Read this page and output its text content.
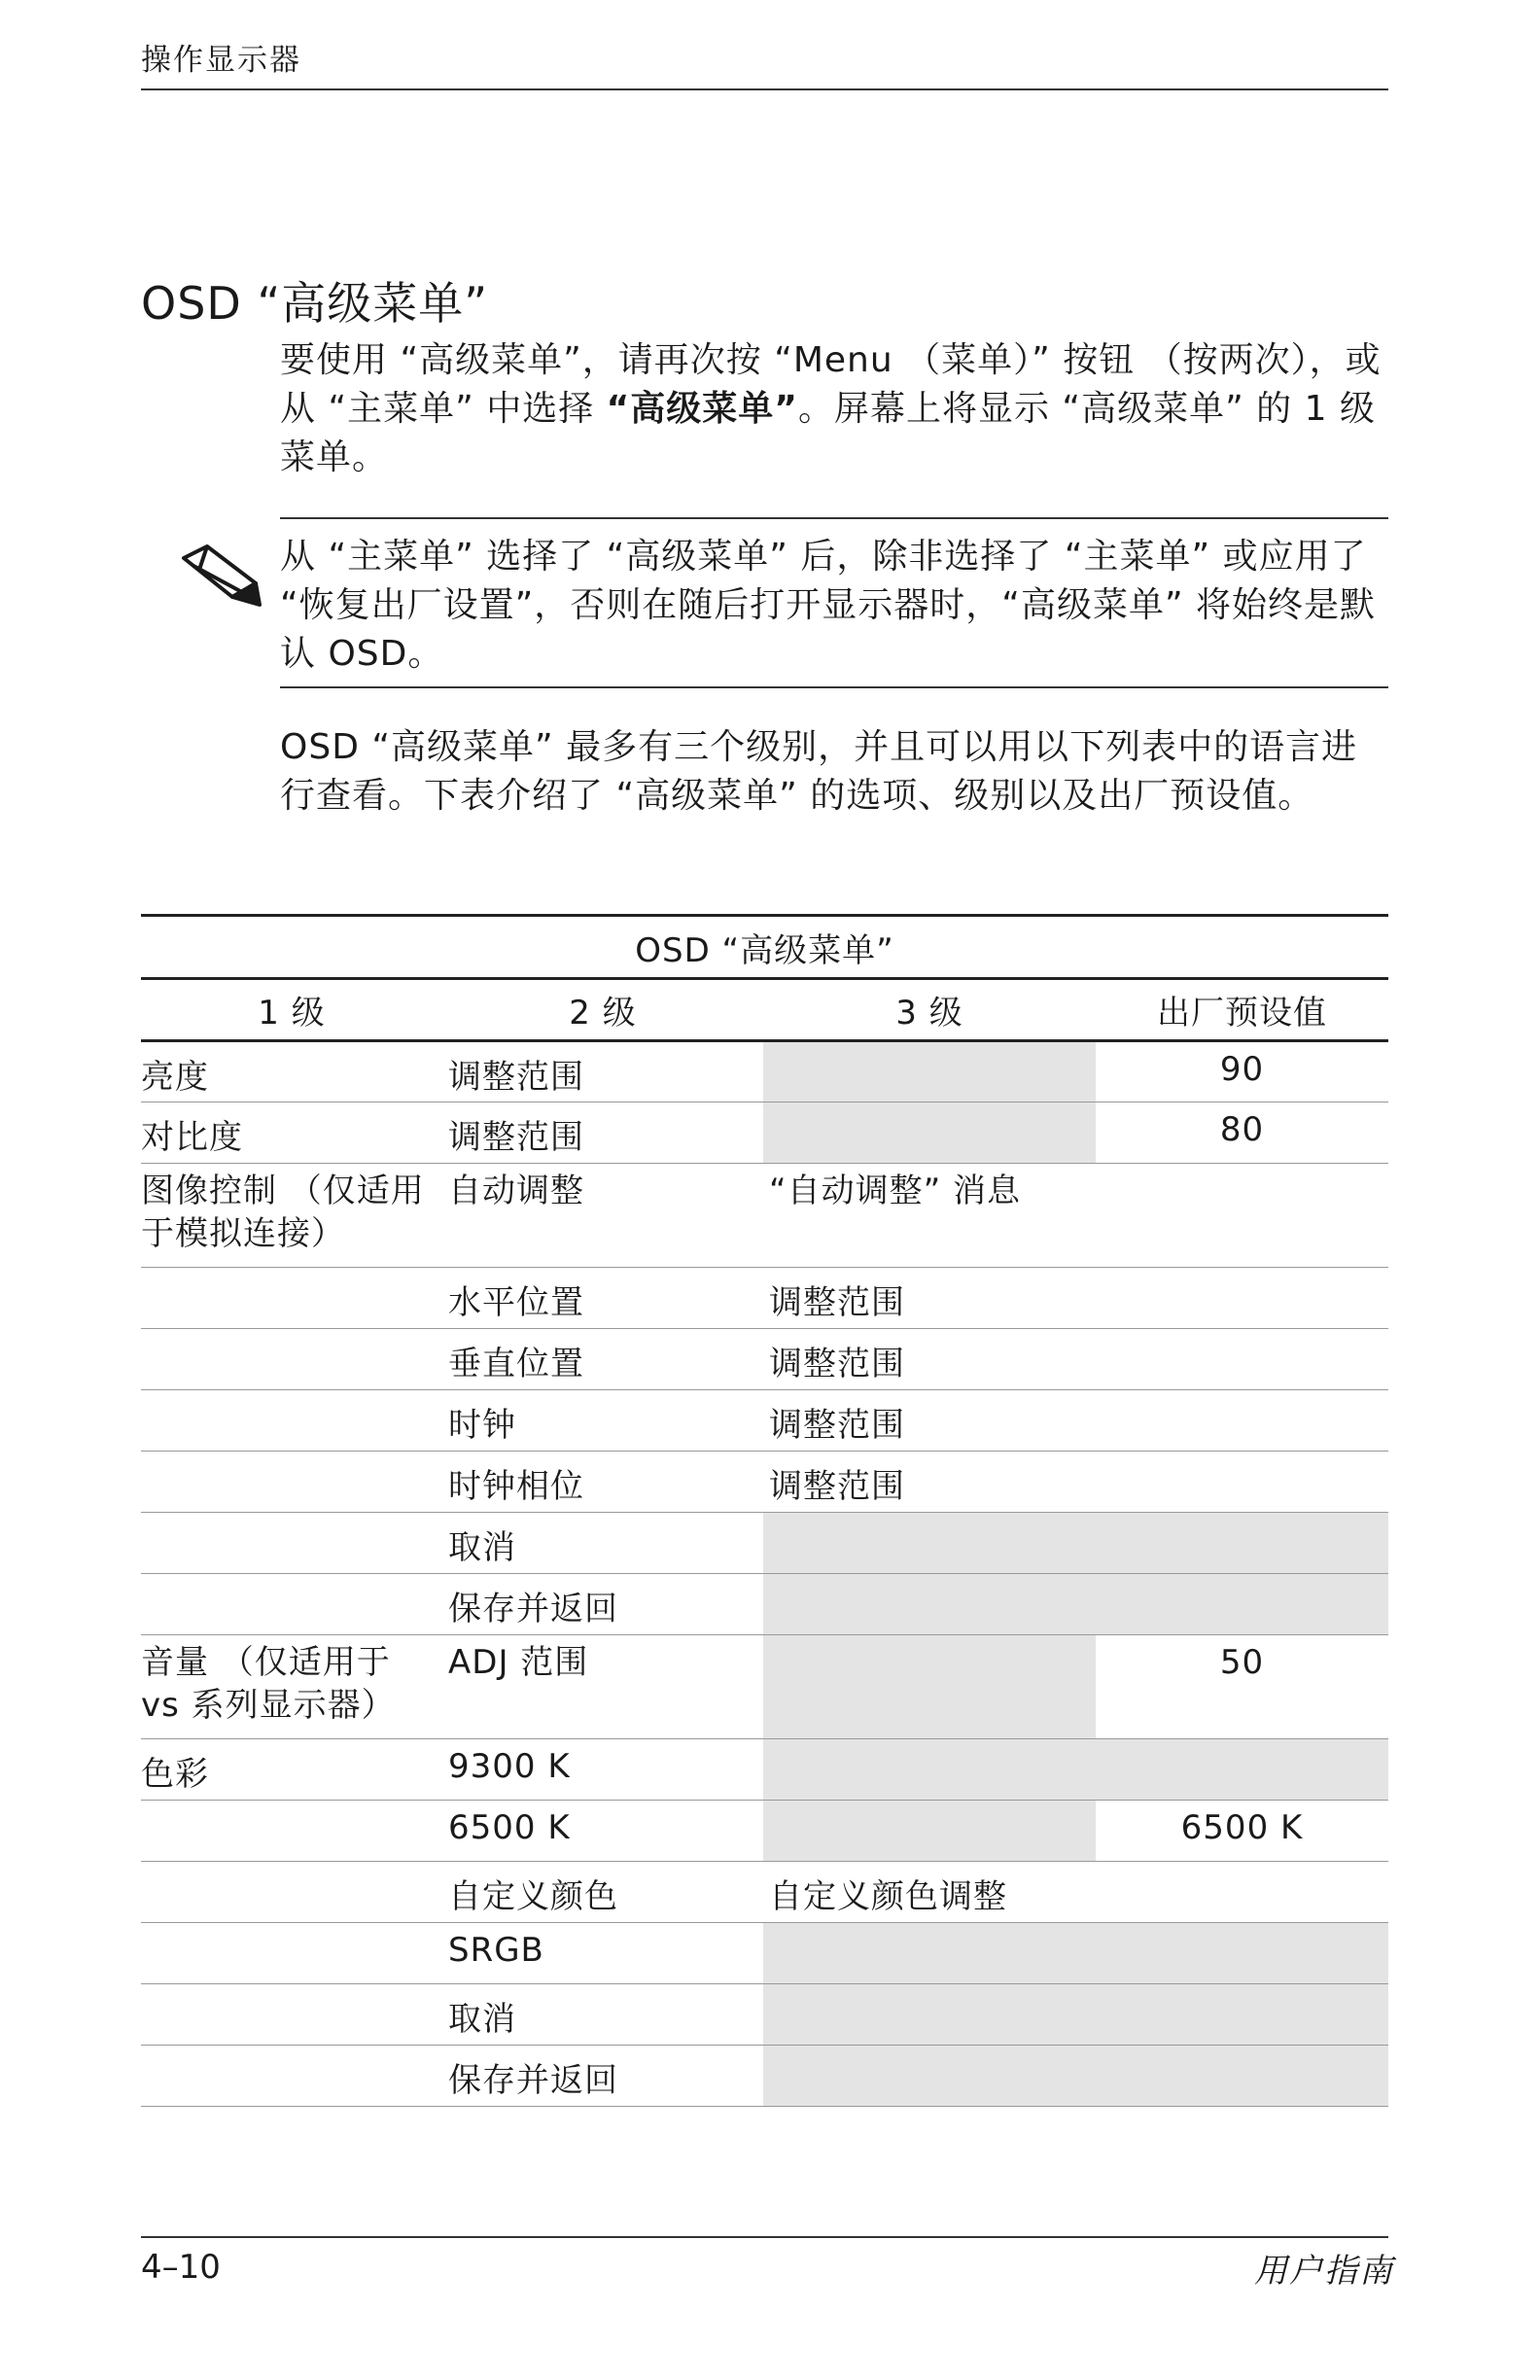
操作显示器
OSD “高级菜单”
要使用 “高级菜单”，请再次按 “Menu （菜单）” 按钮 （按两次），或从 “主菜单” 中选择 “高级菜单”。屏幕上将显示 “高级菜单” 的 1 级菜单。
从 “主菜单” 选择了 “高级菜单” 后，除非选择了 “主菜单” 或应用了 “恢复出厂设置”，否则在随后打开显示器时，“高级菜单” 将始终是默认 OSD。
OSD “高级菜单” 最多有三个级别，并且可以用以下列表中的语言进行查看。下表介绍了 “高级菜单” 的选项、级别以及出厂预设值。
OSD “高级菜单”			
1 级	2 级	3 级	出厂预设值
亮度	调整范围		90
对比度	调整范围		80
图像控制 （仅适用于模拟连接）	自动调整	“自动调整” 消息	
	水平位置	调整范围	
	垂直位置	调整范围	
	时钟	调整范围	
	时钟相位	调整范围	
	取消		
	保存并返回		
音量 （仅适用于 vs 系列显示器）	ADJ 范围		50
色彩	9300 K		
	6500 K		6500 K
	自定义颜色	自定义颜色调整	
	SRGB		
	取消		
	保存并返回		
4–10	用户指南
